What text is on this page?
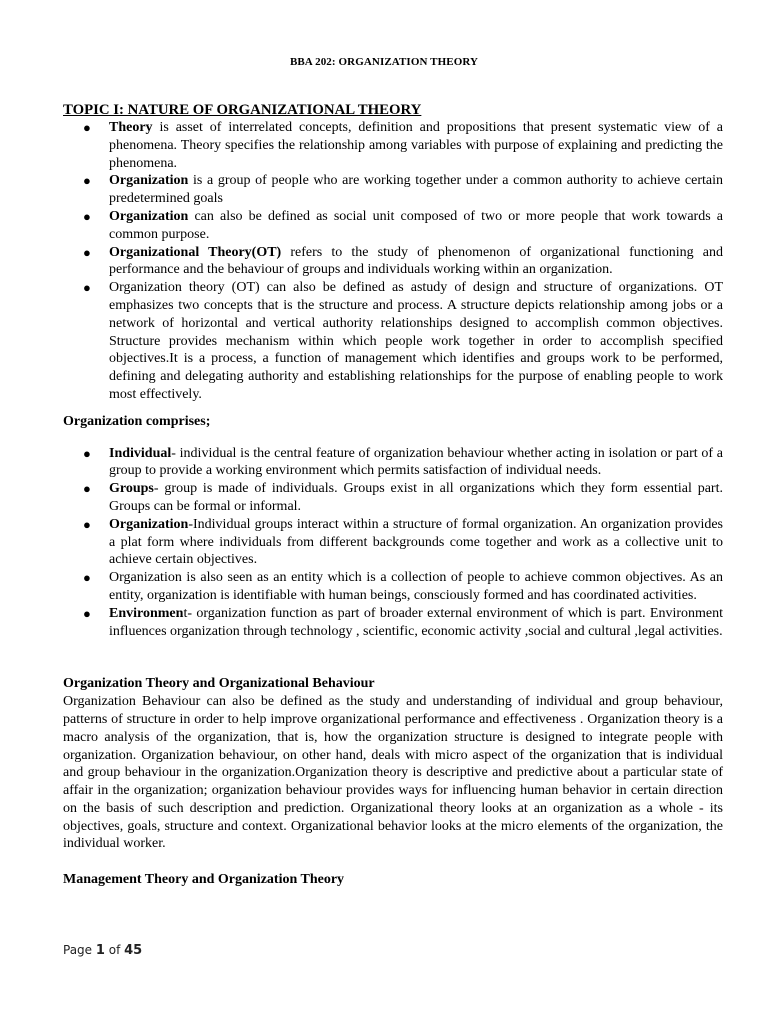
BBA 202: ORGANIZATION THEORY

TOPIC I: NATURE OF ORGANIZATIONAL THEORY

● Theory is asset of interrelated concepts, definition and propositions that present systematic view of a phenomena. Theory specifies the relationship among variables with purpose of explaining and predicting the phenomena.
● Organization is a group of people who are working together under a common authority to achieve certain predetermined goals
● Organization can also be defined as social unit composed of two or more people that work towards a common purpose.
● Organizational Theory(OT) refers to the study of phenomenon of organizational functioning and performance and the behaviour of groups and individuals working within an organization.
● Organization theory (OT) can also be defined as astudy of design and structure of organizations. OT emphasizes two concepts that is the structure and process. A structure depicts relationship among jobs or a network of horizontal and vertical authority relationships designed to accomplish common objectives. Structure provides mechanism within which people work together in order to accomplish specified objectives.It is a process, a function of management which identifies and groups work to be performed, defining and delegating authority and establishing relationships for the purpose of enabling people to work most effectively.

Organization comprises;

● Individual- individual is the central feature of organization behaviour whether acting in isolation or part of a group to provide a working environment which permits satisfaction of individual needs.
● Groups- group is made of individuals. Groups exist in all organizations which they form essential part. Groups can be formal or informal.
● Organization-Individual groups interact within a structure of formal organization. An organization provides a plat form where individuals from different backgrounds come together and work as a collective unit to achieve certain objectives.
● Organization is also seen as an entity which is a collection of people to achieve common objectives. As an entity, organization is identifiable with human beings, consciously formed and has coordinated activities.
● Environment- organization function as part of broader external environment of which is part. Environment influences organization through technology , scientific, economic activity ,social and cultural ,legal activities.

Organization Theory and Organizational Behaviour

Organization Behaviour can also be defined as the study and understanding of individual and group behaviour, patterns of structure in order to help improve organizational performance and effectiveness . Organization theory is a macro analysis of the organization, that is, how the organization structure is designed to integrate people with organization. Organization behaviour, on other hand, deals with micro aspect of the organization that is individual and group behaviour in the organization.Organization theory is descriptive and predictive about a particular state of affair in the organization; organization behaviour provides ways for influencing human behavior in certain direction on the basis of such description and prediction. Organizational theory looks at an organization as a whole - its objectives, goals, structure and context. Organizational behavior looks at the micro elements of the organization, the individual worker.

Management Theory and Organization Theory

Page 1 of 45
